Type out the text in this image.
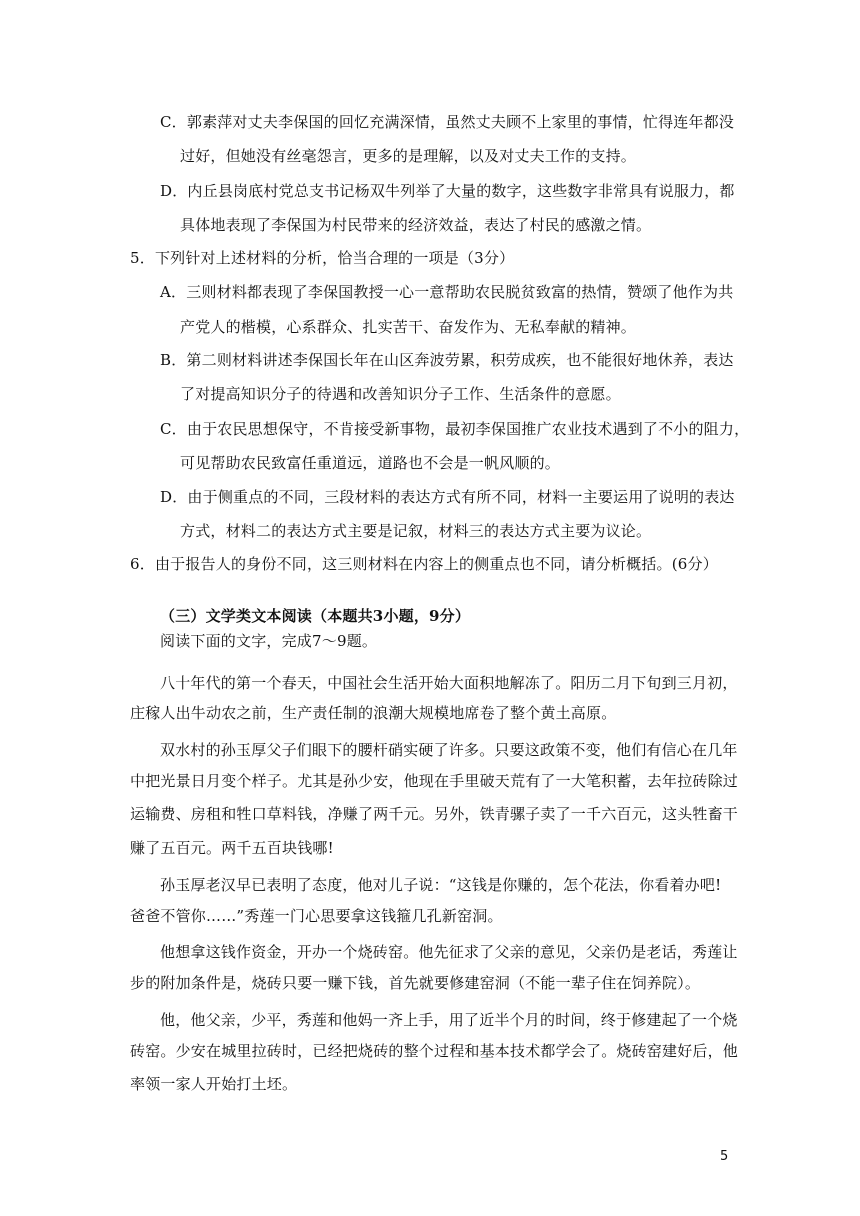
C．郭素萍对丈夫李保国的回忆充满深情，虽然丈夫顾不上家里的事情，忙得连年都没
过好，但她没有丝毫怨言，更多的是理解，以及对丈夫工作的支持。
D．内丘县岗底村党总支书记杨双牛列举了大量的数字，这些数字非常具有说服力，都
具体地表现了李保国为村民带来的经济效益，表达了村民的感激之情。
5．下列针对上述材料的分析，恰当合理的一项是（3分）
A．三则材料都表现了李保国教授一心一意帮助农民脱贫致富的热情，赞颂了他作为共
产党人的楷模，心系群众、扎实苦干、奋发作为、无私奉献的精神。
B．第二则材料讲述李保国长年在山区奔波劳累，积劳成疾，也不能很好地休养，表达
了对提高知识分子的待遇和改善知识分子工作、生活条件的意愿。
C．由于农民思想保守，不肯接受新事物，最初李保国推广农业技术遇到了不小的阻力，
可见帮助农民致富任重道远，道路也不会是一帆风顺的。
D．由于侧重点的不同，三段材料的表达方式有所不同，材料一主要运用了说明的表达
方式，材料二的表达方式主要是记叙，材料三的表达方式主要为议论。
6．由于报告人的身份不同，这三则材料在内容上的侧重点也不同，请分析概括。(6分）
（三）文学类文本阅读（本题共3小题，9分）
阅读下面的文字，完成7～9题。
八十年代的第一个春天，中国社会生活开始大面积地解冻了。阳历二月下旬到三月初，
庄稼人出牛动农之前，生产责任制的浪潮大规模地席卷了整个黄土高原。
双水村的孙玉厚父子们眼下的腰杆硝实硬了许多。只要这政策不变，他们有信心在几年
中把光景日月变个样子。尤其是孙少安，他现在手里破天荒有了一大笔积蓄，去年拉砖除过
运输费、房租和牲口草料钱，净赚了两千元。另外，铁青骡子卖了一千六百元，这头牲畜干
赚了五百元。两千五百块钱哪!
孙玉厚老汉早已表明了态度，他对儿子说：“这钱是你赚的，怎个花法，你看着办吧!
爸爸不管你……”秀莲一门心思要拿这钱箍几孔新窑洞。
他想拿这钱作资金，开办一个烧砖窑。他先征求了父亲的意见，父亲仍是老话，秀莲让
步的附加条件是，烧砖只要一赚下钱，首先就要修建窑洞（不能一辈子住在饲养院）。
他，他父亲，少平，秀莲和他妈一齐上手，用了近半个月的时间，终于修建起了一个烧
砖窑。少安在城里拉砖时，已经把烧砖的整个过程和基本技术都学会了。烧砖窑建好后，他
率领一家人开始打土坯。
5
